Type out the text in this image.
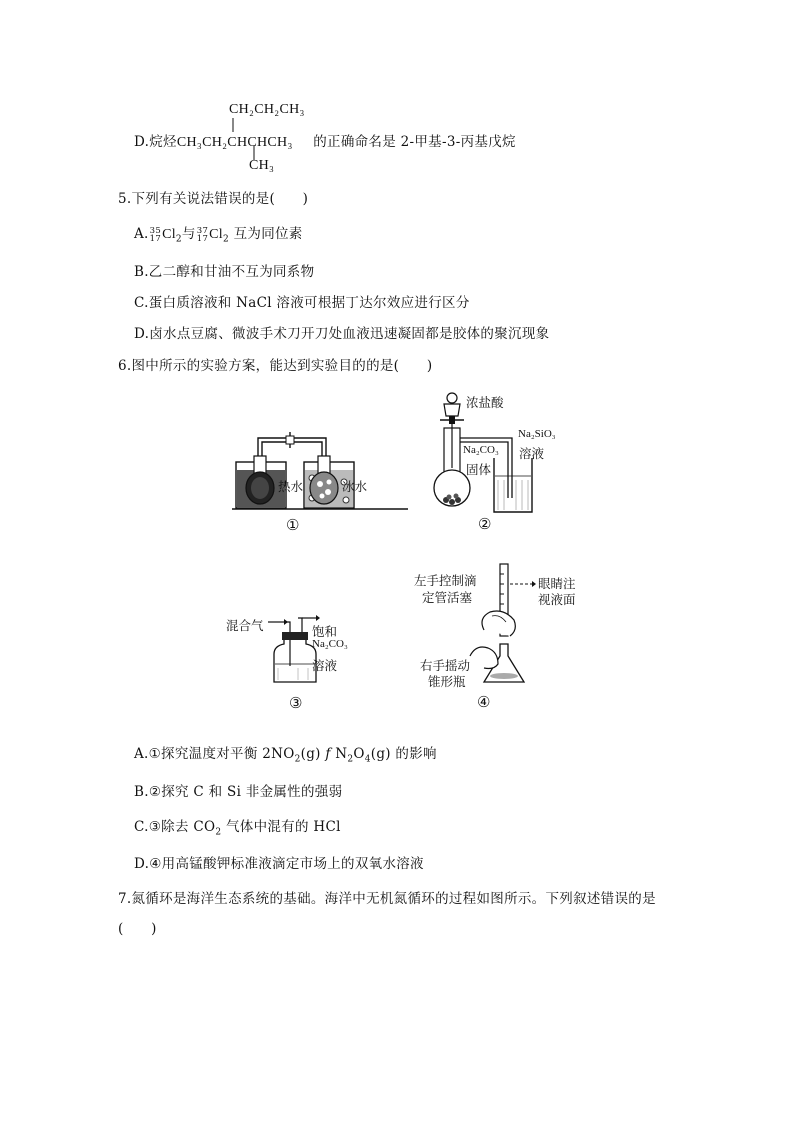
CH₂CH₂CH₃
D.烷烃CH₃CH₂CHCHCH₃ 的正确命名是 2-甲基-3-丙基戊烷
CH₃
5.下列有关说法错误的是(　　)
A. 35
17 $Cl_2$与 37
17 $Cl_2$ 互为同位素
B.乙二醇和甘油不互为同系物
C.蛋白质溶液和 NaCl 溶液可根据丁达尔效应进行区分
D.卤水点豆腐、微波手术刀开刀处血液迅速凝固都是胶体的聚沉现象
6.图中所示的实验方案，能达到实验目的的是(　　)
热水	冰水
①
浓盐酸
Na₂CO₃
固体
Na₂SiO₃
溶液
②
混合气	饱和
Na₂CO₃
溶液
③
左手控制滴
定管活塞
眼睛注
视液面
右手摇动
锥形瓶
④
A.①探究温度对平衡 $2NO_2(g)$ f $N_2O_4(g)$ 的影响
B.②探究 C 和 Si 非金属性的强弱
C.③除去 $CO_2$ 气体中混有的 HCl
D.④用高锰酸钾标准液滴定市场上的双氧水溶液
7.氮循环是海洋生态系统的基础。海洋中无机氮循环的过程如图所示。下列叙述错误的是
(　　)
